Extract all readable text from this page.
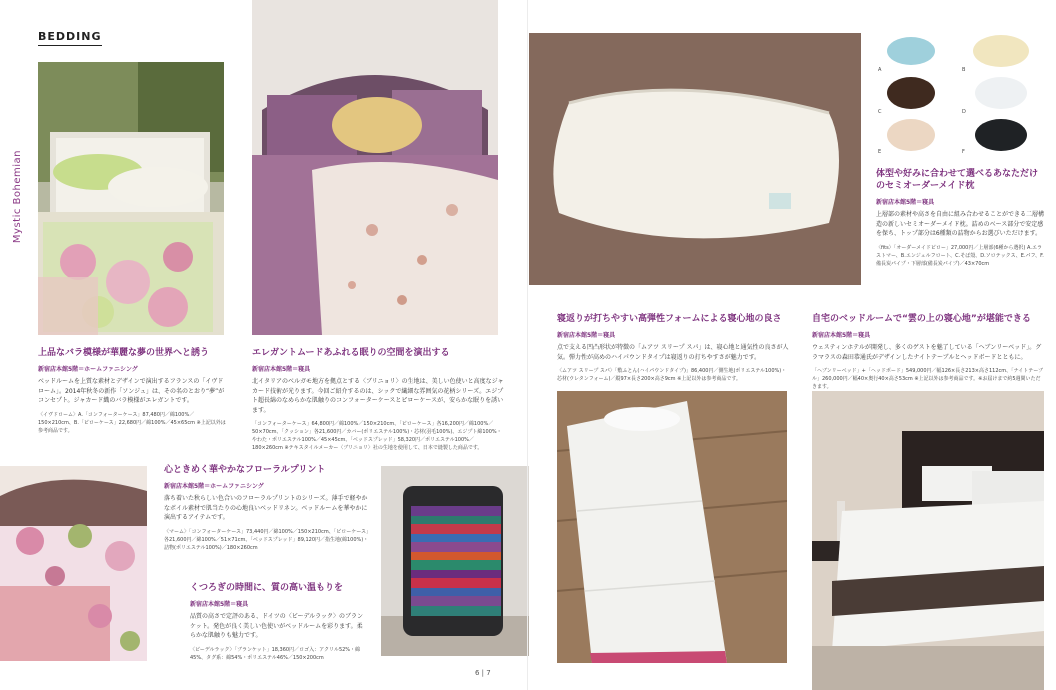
BEDDING
Mystic Bohemian
上品なバラ模様が華麗な夢の世界へと誘う
新宿店本館5階＝ホームファニシング
ベッドルームを上質な素材とデザインで演出するフランスの「イヴドローム」。2014年秋冬の新作「ソンジュ」は、その名のとおり“夢”がコンセプト。ジャカード織のバラ模様がエレガントです。
〈イヴドローム〉A.「コンフォーターケース」87,480円／綿100%／150×210cm、B.「ピローケース」22,680円／綿100%／45×65cm ※上記以外は参考商品です。
エレガントムードあふれる眠りの空間を演出する
新宿店本館5階＝寝具
北イタリアのベルガモ地方を拠点とする〈ブリニョリ〉の生地は、美しい色使いと高度なジャカード技術が光ります。今回ご紹介するのは、シックで繊細な雰囲気の花柄シリーズ。エジプト超長綿のなめらかな肌触りのコンフォーターケースとピローケースが、安らかな眠りを誘います。
「コンフォーターケース」64,800円／綿100%／150×210cm、「ピローケース」各16,200円／綿100%／50×70cm、「クッション」各21,600円／カバー(ポリエステル100%)・芯材(羽毛100%)、エジプト綿100%・やわた・ポリエステル100%／45×45cm、「ベッドスプレッド」58,320円／ポリエステル100%／180×260cm ※テキスタイルメーカー〈ブリニョリ〉社の生地を使用して、日本で縫製した商品です。
心ときめく華やかなフローラルプリント
新宿店本館5階＝ホームファニシング
落ち着いた秋らしい色合いのフローラルプリントのシリーズ。薄手で軽やかなボイル素材で肌当たりの心地良いベッドリネン。ベッドルームを華やかに演出するアイテムです。
〈マーム〉「コンフォーターケース」73,440円／綿100%／150×210cm、「ピローケース」各21,600円／綿100%／51×71cm、「ベッドスプレッド」89,120円／指生地(綿100%)・詰物(ポリエステル100%)／180×260cm
くつろぎの時間に、質の高い温もりを
新宿店本館5階＝寝具
品質の高さで定評のある、ドイツの〈ビーデルラック〉のブランケット。発色が良く美しい色使いがベッドルームを彩ります。柔らかな肌触りも魅力です。
〈ビーデルラック〉「ブランケット」18,360円／ロゴ入：アクリル52%・綿45%、タグ系：綿54%・ポリエステル46%／150×200cm
6 | 7
A	B
C	D
E	F
体型や好みに合わせて選べるあなただけのセミオーダーメイド枕
新宿店本館5階＝寝具
上層部の素材や高さを自由に組み合わせることができる二層構造の新しいセミオーダーメイド枕。詰めのベース部分で安定感を保ち、トップ部分は6種類の詰物からお選びいただけます。
〈fits〉「オーダーメイドピロー」27,000円／上層部(6種から選択) A.エラストマー、B.エンジェルフロート、C.そば殻、D.ソロテックス、E.パフ、F.備長炭パイプ・下層部(備長炭パイプ)／43×70cm
寝返りが打ちやすい高弾性フォームによる寝心地の良さ
新宿店本館5階＝寝具
点で支える凹凸形状が特徴の「ムアツ スリープ スパ」は、寝心地と通気性の良さが人気。弾力性が高めのハイパウンドタイプは寝返りの打ちやすさが魅力です。
〈ムアツ スリープ スパ〉「敷ふとん(ハイパウンドタイプ)」86,400円／側生地(ポリエステル100%)・芯材(ウレタンフォーム)／縦97×長さ200×高さ9cm ※上記以外は参考商品です。
自宅のベッドルームで“雲の上の寝心地”が堪能できる
新宿店本館5階＝寝具
ウェスティンホテルが開発し、多くのゲストを魅了している「ヘブンリーベッド」。グラマラスの森田恭通氏がデザインしたナイトテーブルとヘッドボードとともに。
「ヘブンリーベッド」+「ヘッドボード」549,000円／幅126×長さ213×高さ112cm、「ナイトテーブル」260,000円／幅40×奥行40×高さ53cm ※上記以外は参考商品です。※お届けまで約5週間いただきます。
